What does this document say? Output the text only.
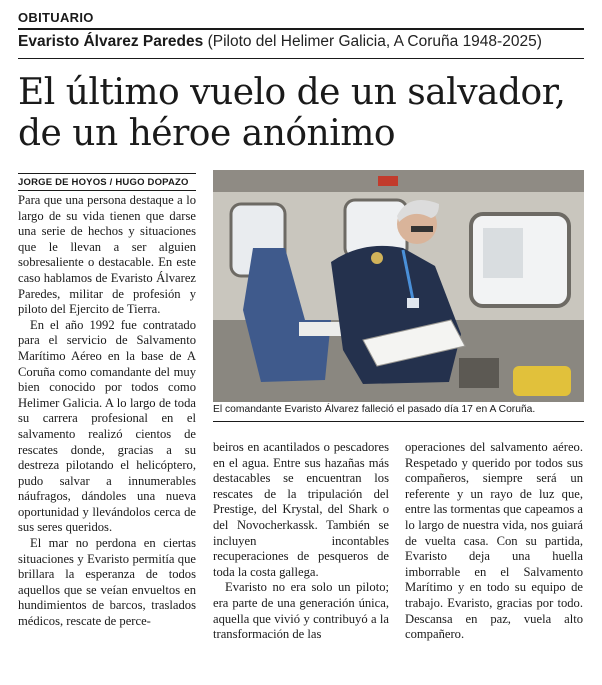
OBITUARIO
Evaristo Álvarez Paredes (Piloto del Helimer Galicia, A Coruña 1948-2025)
El último vuelo de un salvador,
de un héroe anónimo
JORGE DE HOYOS / HUGO DOPAZO

Para que una persona destaque a lo largo de su vida tienen que darse una serie de hechos y situaciones que le llevan a ser alguien sobresaliente o destacable. En este caso hablamos de Evaristo Álvarez Paredes, militar de profesión y piloto del Ejercito de Tierra.

En el año 1992 fue contratado para el servicio de Salvamento Marítimo Aéreo en la base de A Coruña como comandante del muy bien conocido por todos como Helimer Galicia. A lo largo de toda su carrera profesional en el salvamento realizó cientos de rescates donde, gracias a su destreza pilotando el helicóptero, pudo salvar a innumerables náufragos, dándoles una nueva oportunidad y llevándolos cerca de sus seres queridos.

El mar no perdona en ciertas situaciones y Evaristo permitía que brillara la esperanza de todos aquellos que se veían envueltos en hundimientos de barcos, traslados médicos, rescate de perce-

El comandante Evaristo Álvarez falleció el pasado día 17 en A Coruña.

beiros en acantilados o pescadores en el agua. Entre sus hazañas más destacables se encuentran los rescates de la tripulación del Prestige, del Krystal, del Shark o del Novocherkassk. También se incluyen incontables recuperaciones de pesqueros de toda la costa gallega.

Evaristo no era solo un piloto; era parte de una generación única, aquella que vivió y contribuyó a la transformación de las

operaciones del salvamento aéreo. Respetado y querido por todos sus compañeros, siempre será un referente y un rayo de luz que, entre las tormentas que capeamos a lo largo de nuestra vida, nos guiará de vuelta casa. Con su partida, Evaristo deja una huella imborrable en el Salvamento Marítimo y en todo su equipo de trabajo. Evaristo, gracias por todo. Descansa en paz, vuela alto compañero.
